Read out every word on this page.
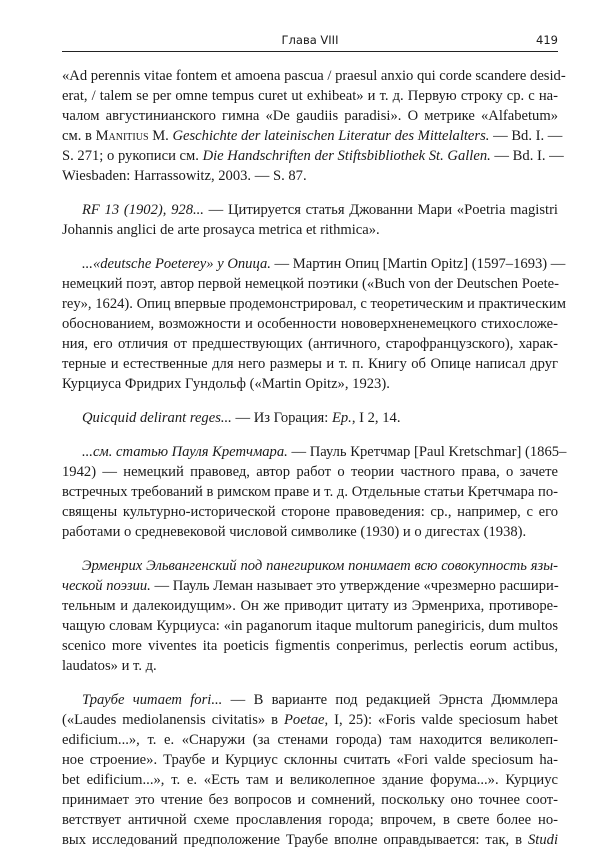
Глава VIII	419
«Ad perennis vitae fontem et amoena pascua / praesul anxio qui corde scandere desid-
erat, / talem se per omne tempus curet ut exhibeat» и т. д. Первую строку ср. с на-
чалом августинианского гимна «De gaudiis paradisi». О метрике «Alfabetum»
см. в Manitius M. Geschichte der lateinischen Literatur des Mittelalters. — Bd. I. —
S. 271; о рукописи см. Die Handschriften der Stiftsbibliothek St. Gallen. — Bd. I. —
Wiesbaden: Harrassowitz, 2003. — S. 87.
RF 13 (1902), 928... — Цитируется статья Джованни Мари «Poetria magistri
Johannis anglici de arte prosayca metrica et rithmica».
...«deutsche Poeterey» у Опица. — Мартин Опиц [Martin Opitz] (1597–1693) —
немецкий поэт, автор первой немецкой поэтики («Buch von der Deutschen Poete-
rey», 1624). Опиц впервые продемонстрировал, с теоретическим и практическим
обоснованием, возможности и особенности нововерхненемецкого стихосложе-
ния, его отличия от предшествующих (античного, старофранцузского), харак-
терные и естественные для него размеры и т. п. Книгу об Опице написал друг
Курциуса Фридрих Гундольф («Martin Opitz», 1923).
Quicquid delirant reges... — Из Горация: Ep., I 2, 14.
...см. статью Пауля Кретчмара. — Пауль Кретчмар [Paul Kretschmar] (1865–
1942) — немецкий правовед, автор работ о теории частного права, о зачете
встречных требований в римском праве и т. д. Отдельные статьи Кретчмара по-
священы культурно-исторической стороне правоведения: ср., например, с его
работами о средневековой числовой символике (1930) и о дигестах (1938).
Эрменрих Эльвангенский под панегириком понимает всю совокупность язы-
ческой поэзии. — Пауль Леман называет это утверждение «чрезмерно расшири-
тельным и далекоидущим». Он же приводит цитату из Эрменриха, противоре-
чащую словам Курциуса: «in paganorum itaque multorum panegiricis, dum multos
scenico more viventes ita poeticis figmentis conperimus, perlectis eorum actibus,
laudatos» и т. д.
Траубе читает fori... — В варианте под редакцией Эрнста Дюммлера
(«Laudes mediolanensis civitatis» в Poetae, I, 25): «Foris valde speciosum habet
edificium...», т. е. «Снаружи (за стенами города) там находится великолеп-
ное строение». Траубе и Курциус склонны считать «Fori valde speciosum ha-
bet edificium...», т. е. «Есть там и великолепное здание форума...». Курциус
принимает это чтение без вопросов и сомнений, поскольку оно точнее соот-
ветствует античной схеме прославления города; впрочем, в свете более но-
вых исследований предположение Траубе вполне оправдывается: так, в Studi
